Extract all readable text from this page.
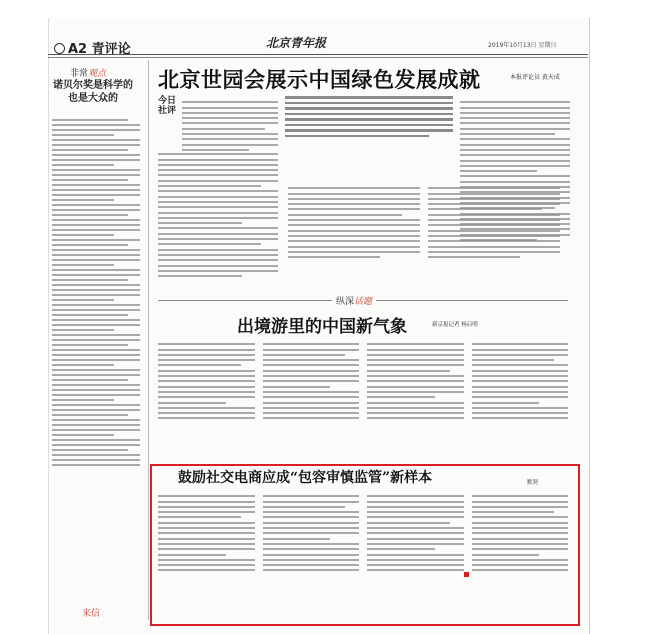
A2 青评论	北京青年报	2019年10月13日 星期日
非常观点
诺贝尔奖是科学的也是大众的
来信
北京世园会展示中国绿色发展成就	本报评论员 黄天成
今日社评
纵深话题
出境游里的中国新气象	新京报记者 杨启明
鼓励社交电商应成“包容审慎监管”新样本	默契
